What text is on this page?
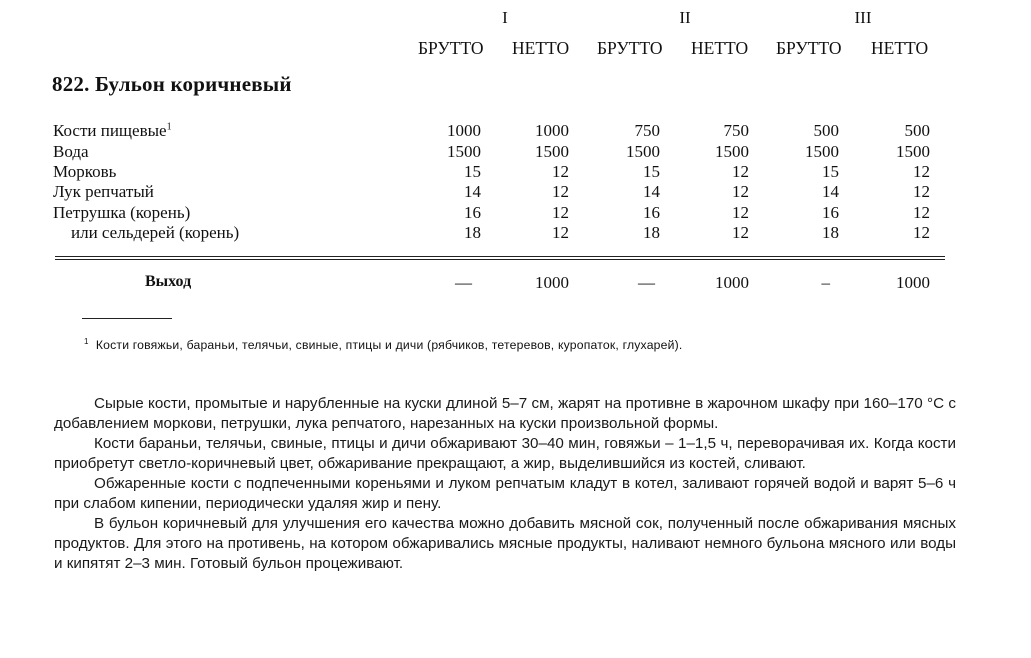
I	II	III
БРУТТО НЕТТО БРУТТО НЕТТО БРУТТО НЕТТО
822. Бульон коричневый
Кости пищевые$^1$	1000	1000	750	750	500	500
Вода	1500	1500	1500	1500	1500	1500
Морковь	15	12	15	12	15	12
Лук репчатый	14	12	14	12	14	12
Петрушка (корень)	16	12	16	12	16	12
или сельдерей (корень)	18	12	18	12	18	12
Выход	—	1000	—	1000	–	1000
$^1$ Кости говяжьи, бараньи, телячьи, свиные, птицы и дичи (рябчиков, тетеревов, куропаток, глухарей).

Сырые кости, промытые и нарубленные на куски длиной 5–7 см, жарят на противне в жарочном шкафу при 160–170 °С с добавлением моркови, петрушки, лука репчатого, нарезанных на куски произвольной формы.

Кости бараньи, телячьи, свиные, птицы и дичи обжаривают 30–40 мин, говяжьи – 1–1,5 ч, переворачивая их. Когда кости приобретут светло-коричневый цвет, обжаривание прекращают, а жир, выделившийся из костей, сливают.

Обжаренные кости с подпеченными кореньями и луком репчатым кладут в котел, заливают горячей водой и варят 5–6 ч при слабом кипении, периодически удаляя жир и пену.

В бульон коричневый для улучшения его качества можно добавить мясной сок, полученный после обжаривания мясных продуктов. Для этого на противень, на котором обжаривались мясные продукты, наливают немного бульона мясного или воды и кипятят 2–3 мин. Готовый бульон процеживают.
